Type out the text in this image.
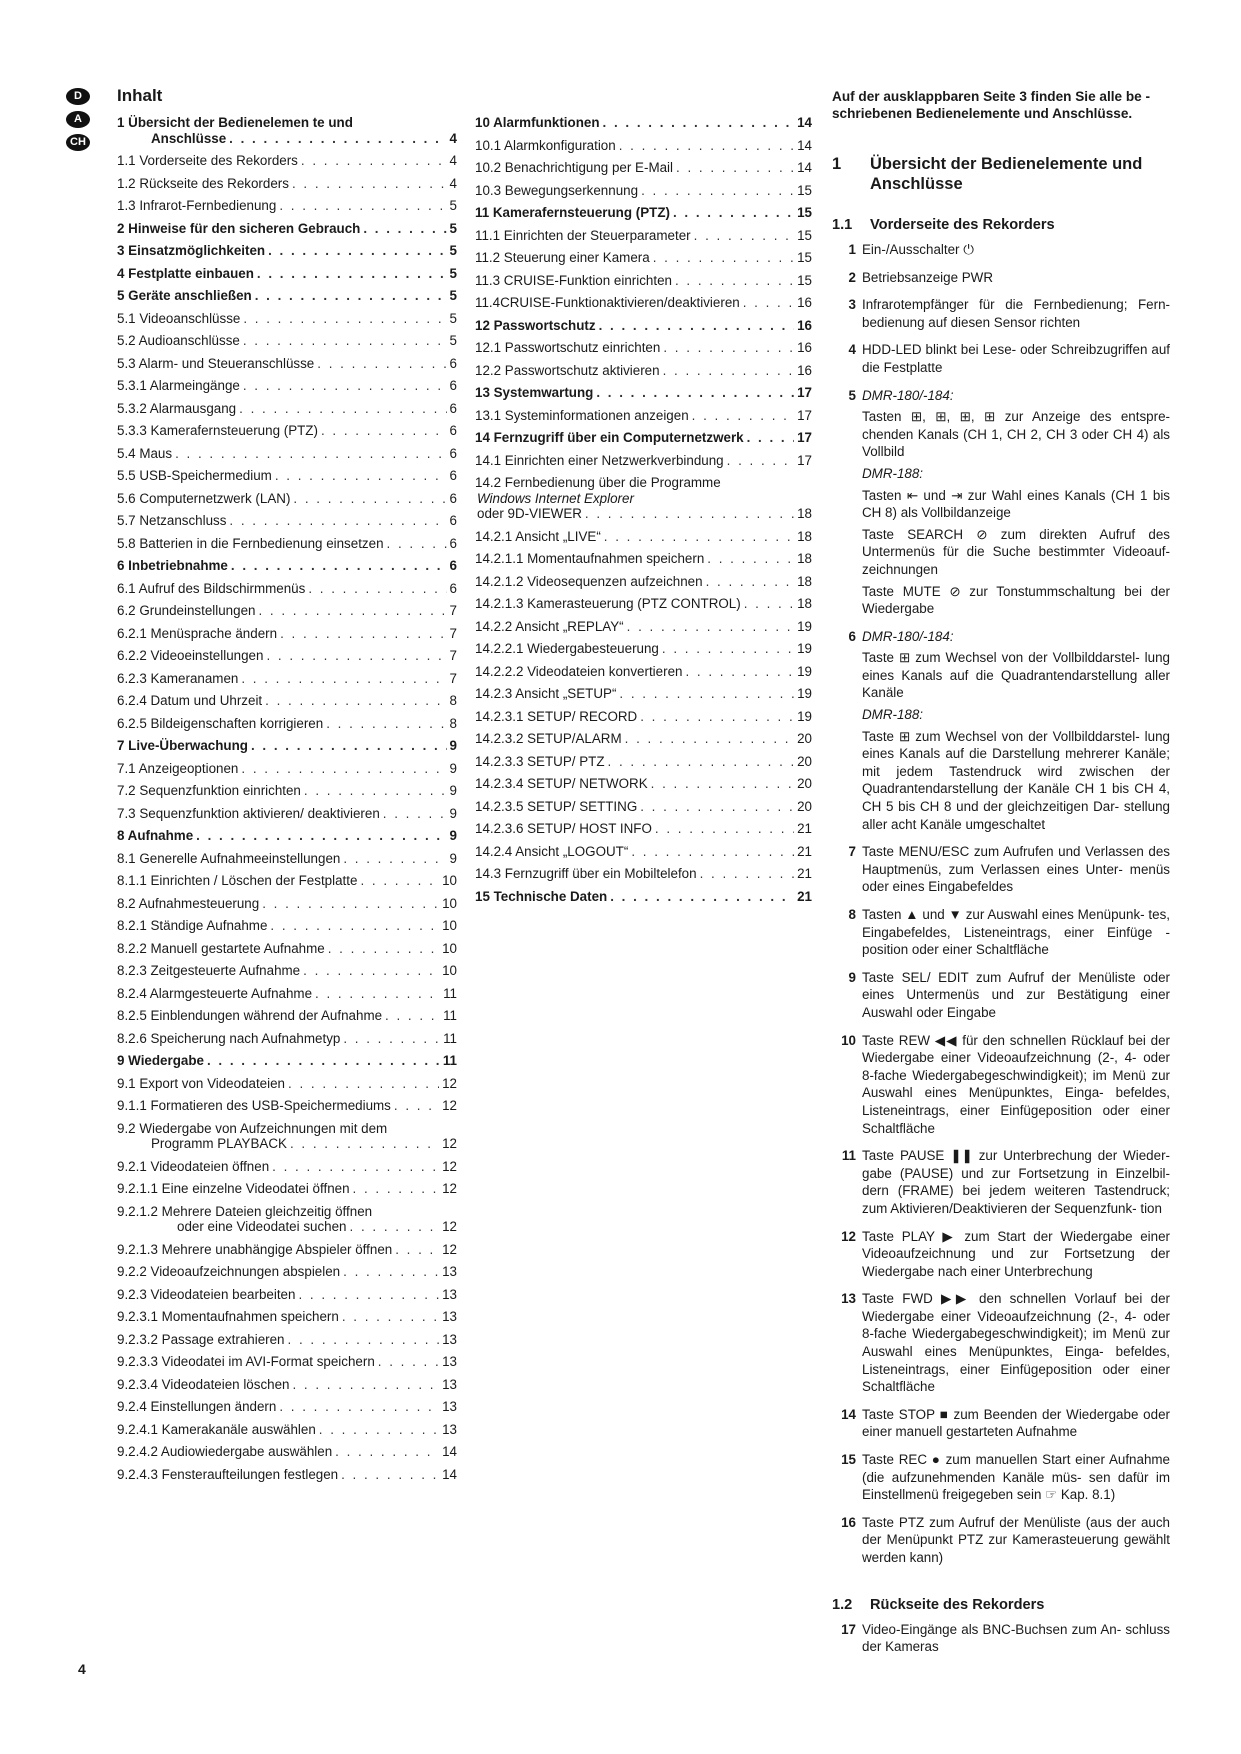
D
A
CH
Inhalt
1 Übersicht der Bedienelemen te und
Anschlüsse . . .	4
1.1 Vorderseite des Rekorders . . .	4
1.2 Rückseite des Rekorders . . .	4
1.3 Infrarot-Fernbedienung . . .	5
2 Hinweise für den sicheren Gebrauch . . .	5
3 Einsatzmöglichkeiten . . .	5
4 Festplatte einbauen . . .	5
5 Geräte anschließen . . .	5
5.1 Videoanschlüsse . . .	5
5.2 Audioanschlüsse . . .	5
5.3 Alarm- und Steueranschlüsse . . .	6
5.3.1 Alarmeingänge . . .	6
5.3.2 Alarmausgang . . .	6
5.3.3 Kamerafernsteuerung (PTZ) . . .	6
5.4 Maus . . .	6
5.5 USB-Speichermedium . . .	6
5.6 Computernetzwerk (LAN) . . .	6
5.7 Netzanschluss . . .	6
5.8 Batterien in die Fernbedienung einsetzen . . .	6
6 Inbetriebnahme . . .	6
6.1 Aufruf des Bildschirmmenüs . . .	6
6.2 Grundeinstellungen . . .	7
6.2.1 Menüsprache ändern . . .	7
6.2.2 Videoeinstellungen . . .	7
6.2.3 Kameranamen . . .	7
6.2.4 Datum und Uhrzeit . . .	8
6.2.5 Bildeigenschaften korrigieren . . .	8
7 Live-Überwachung . . .	9
7.1 Anzeigeoptionen . . .	9
7.2 Sequenzfunktion einrichten . . .	9
7.3 Sequenzfunktion aktivieren/ deaktivieren . . .	9
8 Aufnahme . . .	9
8.1 Generelle Aufnahmeeinstellungen . . .	9
8.1.1 Einrichten / Löschen der Festplatte . . .	10
8.2 Aufnahmesteuerung . . .	10
8.2.1 Ständige Aufnahme . . .	10
8.2.2 Manuell gestartete Aufnahme . . .	10
8.2.3 Zeitgesteuerte Aufnahme . . .	10
8.2.4 Alarmgesteuerte Aufnahme . . .	11
8.2.5 Einblendungen während der Aufnahme . . .	11
8.2.6 Speicherung nach Aufnahmetyp . . .	11
9 Wiedergabe . . .	11
9.1 Export von Videodateien . . .	12
9.1.1 Formatieren des USB-Speichermediums . . .	12
9.2 Wiedergabe von Aufzeichnungen mit dem
Programm PLAYBACK . . .	12
9.2.1 Videodateien öffnen . . .	12
9.2.1.1 Eine einzelne Videodatei öffnen . . .	12
9.2.1.2 Mehrere Dateien gleichzeitig öffnen
oder eine Videodatei suchen . . .	12
9.2.1.3 Mehrere unabhängige Abspieler öffnen . . .	12
9.2.2 Videoaufzeichnungen abspielen . . .	13
9.2.3 Videodateien bearbeiten . . .	13
9.2.3.1 Momentaufnahmen speichern . . .	13
9.2.3.2 Passage extrahieren . . .	13
9.2.3.3 Videodatei im AVI-Format speichern . . .	13
9.2.3.4 Videodateien löschen . . .	13
9.2.4 Einstellungen ändern . . .	13
9.2.4.1 Kamerakanäle auswählen . . .	13
9.2.4.2 Audiowiedergabe auswählen . . .	14
9.2.4.3 Fensteraufteilungen festlegen . . .	14
10 Alarmfunktionen . . .	14
10.1 Alarmkonfiguration . . .	14
10.2 Benachrichtigung per E-Mail . . .	14
10.3 Bewegungserkennung . . .	15
11 Kamerafernsteuerung (PTZ) . . .	15
11.1 Einrichten der Steuerparameter . . .	15
11.2 Steuerung einer Kamera . . .	15
11.3 CRUISE-Funktion einrichten . . .	15
11.4CRUISE-Funktionaktivieren/deaktivieren . . .	16
12 Passwortschutz . . .	16
12.1 Passwortschutz einrichten . . .	16
12.2 Passwortschutz aktivieren . . .	16
13 Systemwartung . . .	17
13.1 Systeminformationen anzeigen . . .	17
14 Fernzugriff über ein Computernetzwerk . . .	17
14.1 Einrichten einer Netzwerkverbindung . . .	17
14.2 Fernbedienung über die Programme
Windows Internet Explorer
oder 9D-VIEWER . . .	18
14.2.1 Ansicht „LIVE“ . . .	18
14.2.1.1 Momentaufnahmen speichern . . .	18
14.2.1.2 Videosequenzen aufzeichnen . . .	18
14.2.1.3 Kamerasteuerung (PTZ CONTROL) . . .	18
14.2.2 Ansicht „REPLAY“ . . .	19
14.2.2.1 Wiedergabesteuerung . . .	19
14.2.2.2 Videodateien konvertieren . . .	19
14.2.3 Ansicht „SETUP“ . . .	19
14.2.3.1 SETUP/ RECORD . . .	19
14.2.3.2 SETUP/ALARM . . .	20
14.2.3.3 SETUP/ PTZ . . .	20
14.2.3.4 SETUP/ NETWORK . . .	20
14.2.3.5 SETUP/ SETTING . . .	20
14.2.3.6 SETUP/ HOST INFO . . .	21
14.2.4 Ansicht „LOGOUT“ . . .	21
14.3 Fernzugriff über ein Mobiltelefon . . .	21
15 Technische Daten . . .	21
Auf der ausklappbaren Seite 3 finden Sie alle be - schriebenen Bedienelemente und Anschlüsse.
1	Übersicht der Bedienelemente und Anschlüsse
1.1	Vorderseite des Rekorders
1 Ein-/Ausschalter ⏻

2 Betriebsanzeige PWR

3 Infrarotempfänger für die Fernbedienung; Fern- bedienung auf diesen Sensor richten

4 HDD-LED blinkt bei Lese- oder Schreibzugriffen auf die Festplatte

5 DMR-180/-184:

Tasten ⊞, ⊞, ⊞, ⊞ zur Anzeige des entspre- chenden Kanals (CH 1, CH 2, CH 3 oder CH 4) als Vollbild

DMR-188:

Tasten ⇤ und ⇥ zur Wahl eines Kanals (CH 1 bis CH 8) als Vollbildanzeige

Taste SEARCH ⊘ zum direkten Aufruf des Untermenüs für die Suche bestimmter Videoauf- zeichnungen

Taste MUTE ⊘ zur Tonstummschaltung bei der Wiedergabe

6 DMR-180/-184:

Taste ⊞ zum Wechsel von der Vollbilddarstel- lung eines Kanals auf die Quadrantendarstellung aller Kanäle

DMR-188:

Taste ⊞ zum Wechsel von der Vollbilddarstel- lung eines Kanals auf die Darstellung mehrerer Kanäle; mit jedem Tastendruck wird zwischen der Quadrantendarstellung der Kanäle CH 1 bis CH 4, CH 5 bis CH 8 und der gleichzeitigen Dar- stellung aller acht Kanäle umgeschaltet

7 Taste MENU/ESC zum Aufrufen und Verlassen des Hauptmenüs, zum Verlassen eines Unter- menüs oder eines Eingabefeldes

8 Tasten ▲ und ▼ zur Auswahl eines Menüpunk- tes, Eingabefeldes, Listeneintrags, einer Einfüge - position oder einer Schaltfläche

9 Taste SEL/ EDIT zum Aufruf der Menüliste oder eines Untermenüs und zur Bestätigung einer Auswahl oder Eingabe

10 Taste REW ◀◀ für den schnellen Rücklauf bei der Wiedergabe einer Videoaufzeichnung (2-, 4- oder 8-fache Wiedergabegeschwindigkeit); im Menü zur Auswahl eines Menüpunktes, Einga- befeldes, Listeneintrags, einer Einfügeposition oder einer Schaltfläche

11 Taste PAUSE ❚❚ zur Unterbrechung der Wieder- gabe (PAUSE) und zur Fortsetzung in Einzelbil- dern (FRAME) bei jedem weiteren Tastendruck; zum Aktivieren/Deaktivieren der Sequenzfunk- tion

12 Taste PLAY ▶ zum Start der Wiedergabe einer Videoaufzeichnung und zur Fortsetzung der Wiedergabe nach einer Unterbrechung

13 Taste FWD ▶▶ den schnellen Vorlauf bei der Wiedergabe einer Videoaufzeichnung (2-, 4- oder 8-fache Wiedergabegeschwindigkeit); im Menü zur Auswahl eines Menüpunktes, Einga- befeldes, Listeneintrags, einer Einfügeposition oder einer Schaltfläche

14 Taste STOP ■ zum Beenden der Wiedergabe oder einer manuell gestarteten Aufnahme

15 Taste REC ● zum manuellen Start einer Aufnahme (die aufzunehmenden Kanäle müs- sen dafür im Einstellmenü freigegeben sein ☞ Kap. 8.1)

16 Taste PTZ zum Aufruf der Menüliste (aus der auch der Menüpunkt PTZ zur Kamerasteuerung gewählt werden kann)

1.2	Rückseite des Rekorders
17 Video-Eingänge als BNC-Buchsen zum An- schluss der Kameras

4
